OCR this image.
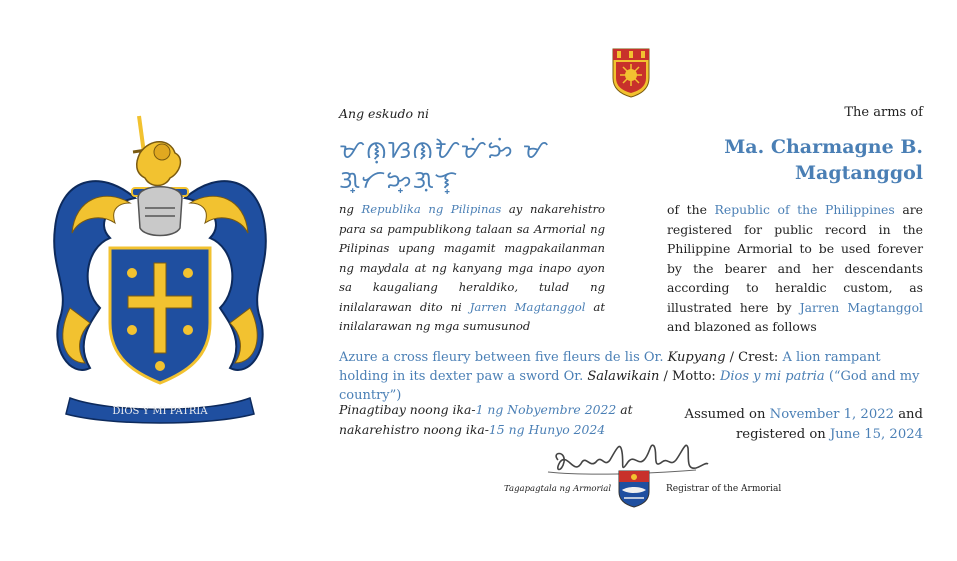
DIOS Y MI PATRIA
Ang eskudo ni	The arms of
ᜋᜈᜓᜐᜈᜀᜋᜒᜅᜒ ᜋᜄ᜔ᜆᜅ᜔ᜄᜓᜎ᜔
Ma. Charmagne B. Magtanggol
ng Republika ng Pilipinas ay nakarehistro para sa pampublikong talaan sa Armorial ng Pilipinas upang magamit magpakailanman ng maydala at ng kanyang mga inapo ayon sa kaugaliang heraldiko, tulad ng inilalarawan dito ni Jarren Magtanggol at inilalarawan ng mga sumusunod
of the Republic of the Philippines are registered for public record in the Philippine Armorial to be used forever by the bearer and her descendants according to heraldic custom, as illustrated here by Jarren Magtanggol and blazoned as follows
Azure a cross fleury between five fleurs de lis Or. Kupyang / Crest: A lion rampant holding in its dexter paw a sword Or. Salawikain / Motto: Dios y mi patria (“God and my country”)
Pinagtibay noong ika-1 ng Nobyembre 2022 at nakarehistro noong ika-15 ng Hunyo 2024
Assumed on November 1, 2022 and registered on June 15, 2024
Tagapagtala ng Armorial	Registrar of the Armorial
